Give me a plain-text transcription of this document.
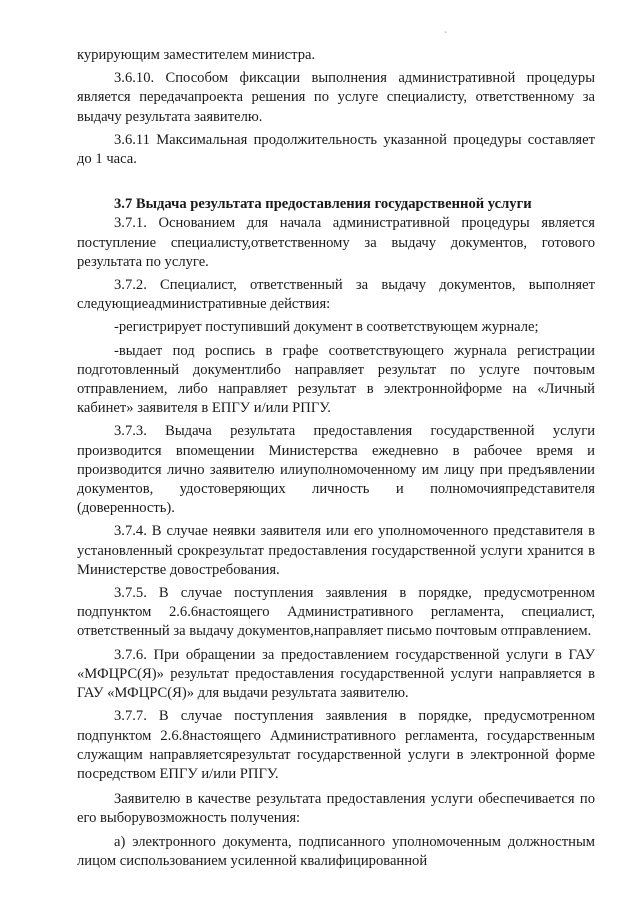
`

курирующим заместителем министра.

3.6.10. Способом фиксации выполнения административной процедуры является передачапроекта решения по услуге специалисту, ответственному за выдачу результата заявителю.

3.6.11 Максимальная продолжительность указанной процедуры составляет до 1 часа.

3.7 Выдача результата предоставления государственной услуги

3.7.1. Основанием для начала административной процедуры является поступление специалисту,ответственному за выдачу документов, готового результата по услуге.

3.7.2. Специалист, ответственный за выдачу документов, выполняет следующиеадминистративные действия:

-регистрирует поступивший документ в соответствующем журнале;

-выдает под роспись в графе соответствующего журнала регистрации подготовленный документлибо направляет результат по услуге почтовым отправлением, либо направляет результат в электроннойформе на «Личный кабинет» заявителя в ЕПГУ и/или РПГУ.

3.7.3. Выдача результата предоставления государственной услуги производится впомещении Министерства ежедневно в рабочее время и производится лично заявителю илиуполномоченному им лицу при предъявлении документов, удостоверяющих личность и полномочияпредставителя (доверенность).

3.7.4. В случае неявки заявителя или его уполномоченного представителя в установленный срокрезультат предоставления государственной услуги хранится в Министерстве довостребования.

3.7.5. В случае поступления заявления в порядке, предусмотренном подпунктом 2.6.6настоящего Административного регламента, специалист, ответственный за выдачу документов,направляет письмо почтовым отправлением.

3.7.6. При обращении за предоставлением государственной услуги в ГАУ «МФЦРС(Я)» результат предоставления государственной услуги направляется в ГАУ «МФЦРС(Я)» для выдачи результата заявителю.

3.7.7. В случае поступления заявления в порядке, предусмотренном подпунктом 2.6.8настоящего Административного регламента, государственным служащим направляетсярезультат государственной услуги в электронной форме посредством ЕПГУ и/или РПГУ.

Заявителю в качестве результата предоставления услуги обеспечивается по его выборувозможность получения:

а) электронного документа, подписанного уполномоченным должностным лицом сиспользованием усиленной квалифицированной
